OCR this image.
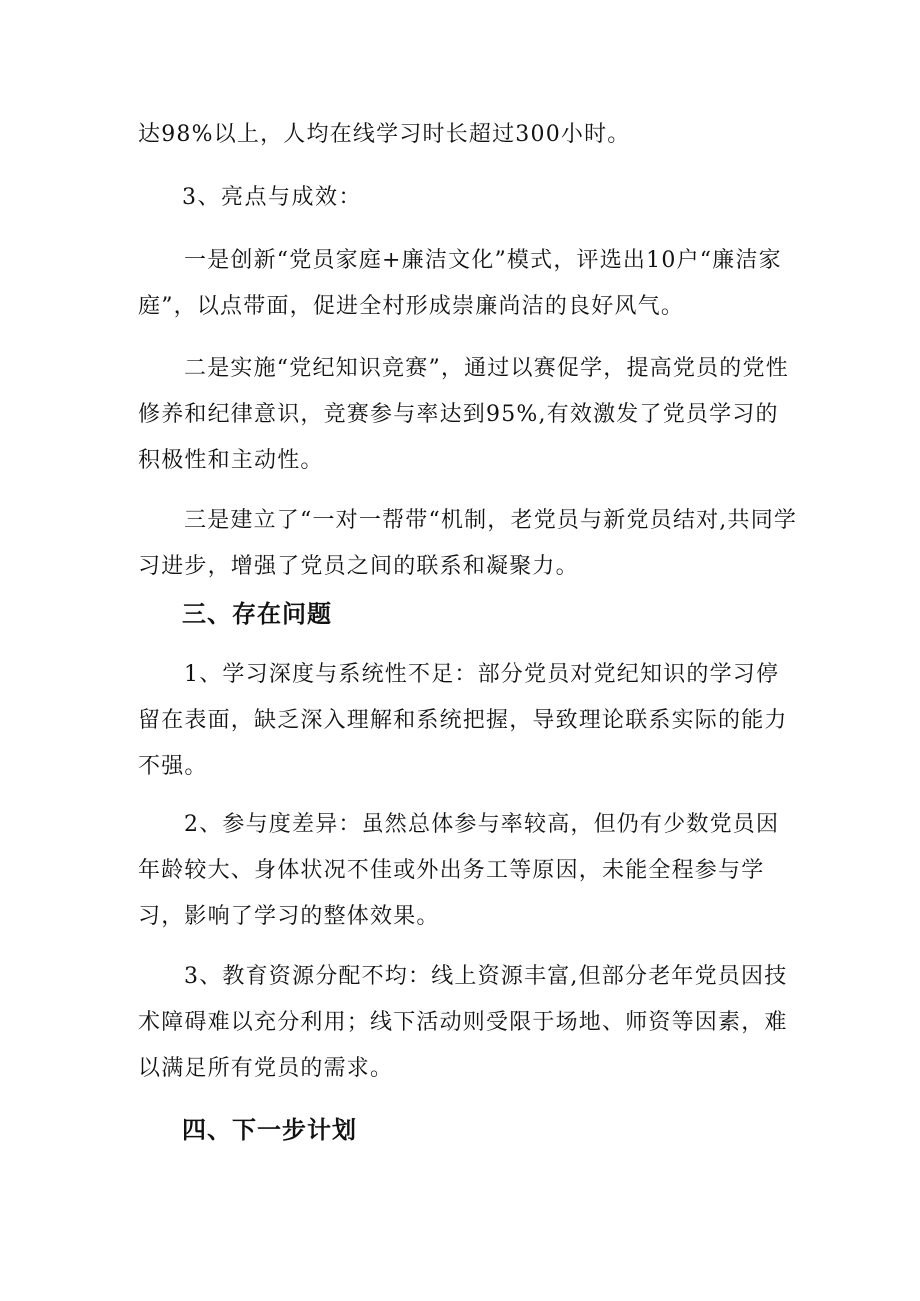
达98%以上，人均在线学习时长超过300小时。

3、亮点与成效：

一是创新“党员家庭+廉洁文化”模式，评选出10户“廉洁家庭”，以点带面，促进全村形成崇廉尚洁的良好风气。

二是实施“党纪知识竞赛”，通过以赛促学，提高党员的党性修养和纪律意识，竞赛参与率达到95%,有效激发了党员学习的积极性和主动性。

三是建立了“一对一帮带“机制，老党员与新党员结对,共同学习进步，增强了党员之间的联系和凝聚力。

三、存在问题

1、学习深度与系统性不足：部分党员对党纪知识的学习停留在表面，缺乏深入理解和系统把握，导致理论联系实际的能力不强。

2、参与度差异：虽然总体参与率较高，但仍有少数党员因年龄较大、身体状况不佳或外出务工等原因，未能全程参与学习，影响了学习的整体效果。

3、教育资源分配不均：线上资源丰富,但部分老年党员因技术障碍难以充分利用；线下活动则受限于场地、师资等因素，难以满足所有党员的需求。

四、下一步计划
